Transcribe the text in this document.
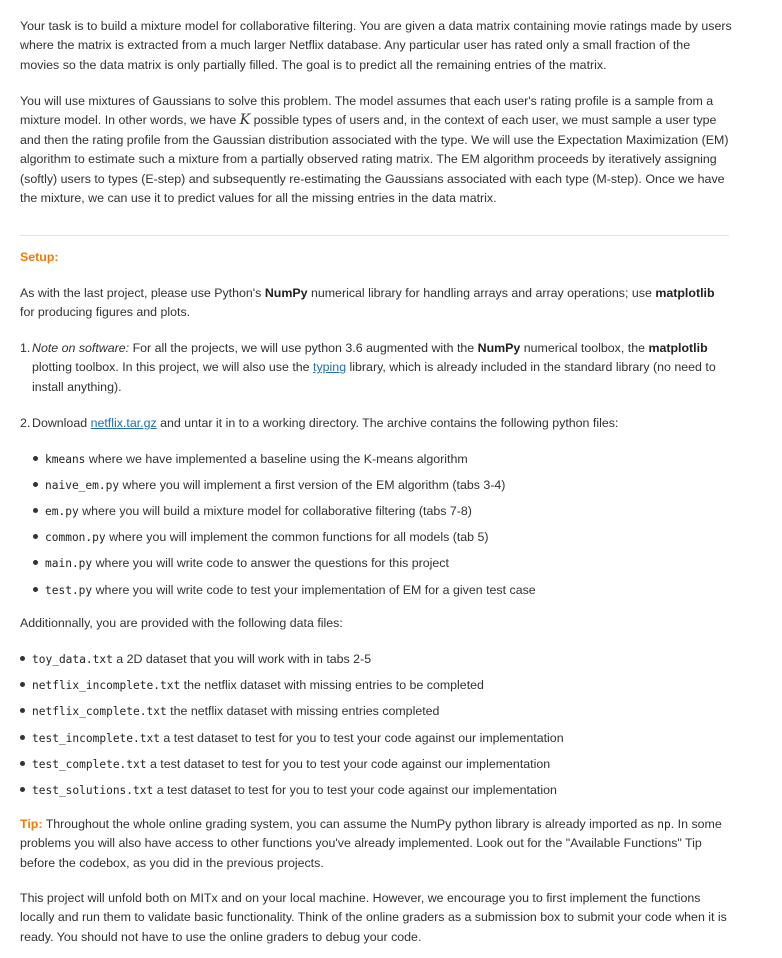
Your task is to build a mixture model for collaborative filtering. You are given a data matrix containing movie ratings made by users where the matrix is extracted from a much larger Netflix database. Any particular user has rated only a small fraction of the movies so the data matrix is only partially filled. The goal is to predict all the remaining entries of the matrix.

You will use mixtures of Gaussians to solve this problem. The model assumes that each user's rating profile is a sample from a mixture model. In other words, we have K possible types of users and, in the context of each user, we must sample a user type and then the rating profile from the Gaussian distribution associated with the type. We will use the Expectation Maximization (EM) algorithm to estimate such a mixture from a partially observed rating matrix. The EM algorithm proceeds by iteratively assigning (softly) users to types (E-step) and subsequently re-estimating the Gaussians associated with each type (M-step). Once we have the mixture, we can use it to predict values for all the missing entries in the data matrix.

Setup:

As with the last project, please use Python's NumPy numerical library for handling arrays and array operations; use matplotlib for producing figures and plots.

1. Note on software: For all the projects, we will use python 3.6 augmented with the NumPy numerical toolbox, the matplotlib plotting toolbox. In this project, we will also use the typing library, which is already included in the standard library (no need to install anything).

2. Download netflix.tar.gz and untar it in to a working directory. The archive contains the following python files:

kmeans where we have implemented a baseline using the K-means algorithm
naive_em.py where you will implement a first version of the EM algorithm (tabs 3-4)
em.py where you will build a mixture model for collaborative filtering (tabs 7-8)
common.py where you will implement the common functions for all models (tab 5)
main.py where you will write code to answer the questions for this project
test.py where you will write code to test your implementation of EM for a given test case

Additionnally, you are provided with the following data files:

toy_data.txt a 2D dataset that you will work with in tabs 2-5
netflix_incomplete.txt the netflix dataset with missing entries to be completed
netflix_complete.txt the netflix dataset with missing entries completed
test_incomplete.txt a test dataset to test for you to test your code against our implementation
test_complete.txt a test dataset to test for you to test your code against our implementation
test_solutions.txt a test dataset to test for you to test your code against our implementation

Tip: Throughout the whole online grading system, you can assume the NumPy python library is already imported as np. In some problems you will also have access to other functions you've already implemented. Look out for the "Available Functions" Tip before the codebox, as you did in the previous projects.

This project will unfold both on MITx and on your local machine. However, we encourage you to first implement the functions locally and run them to validate basic functionality. Think of the online graders as a submission box to submit your code when it is ready. You should not have to use the online graders to debug your code.
